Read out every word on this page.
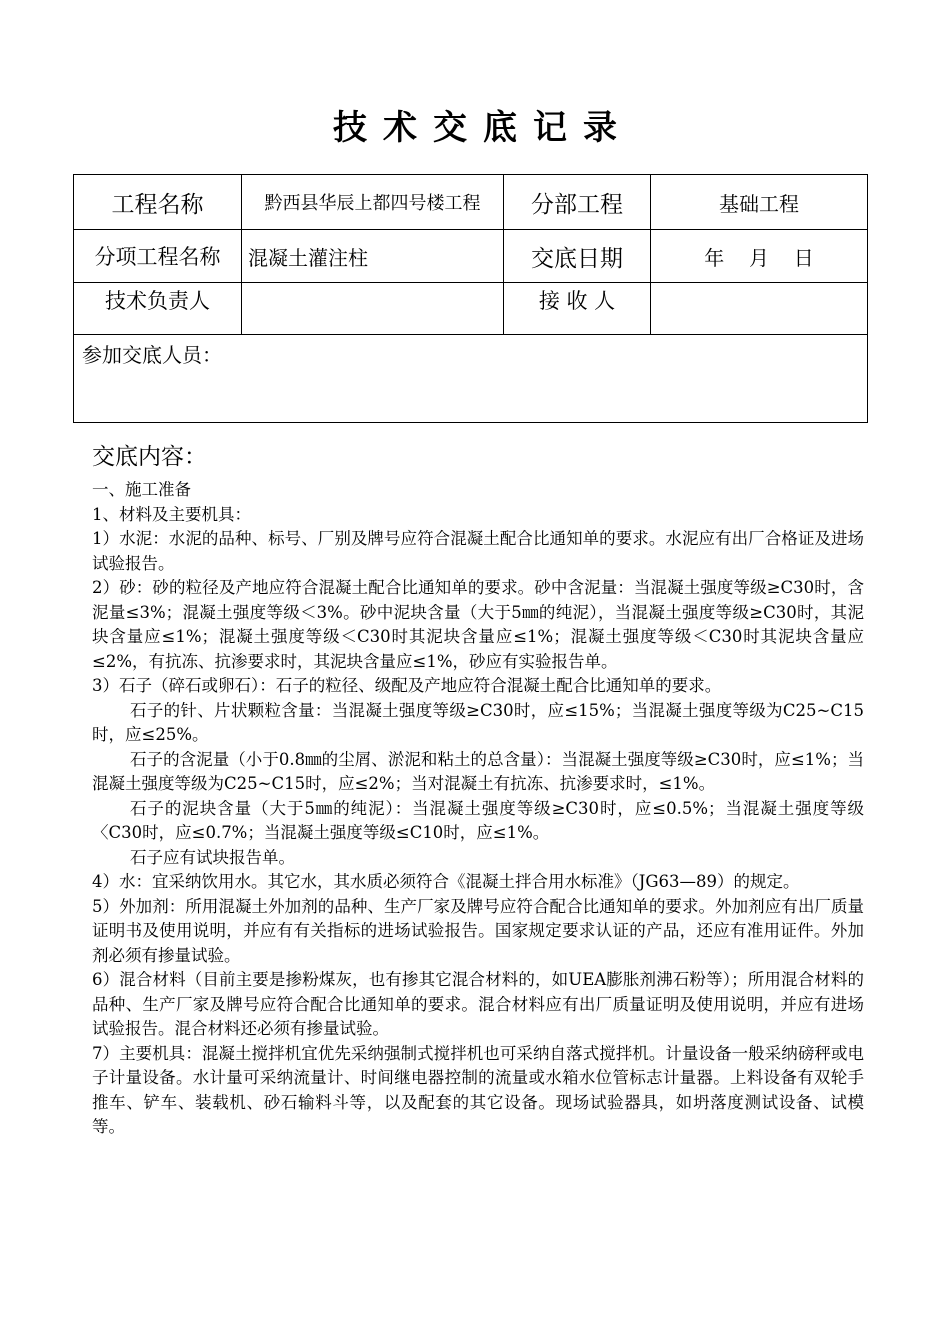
技术交底记录
工程名称	黔西县华辰上都四号楼工程	分部工程	基础工程
分项工程名称	混凝土灌注柱	交底日期	年  月  日
技术负责人		接 收 人	
参加交底人员：			
交底内容：

一、施工准备

1、材料及主要机具：

1）水泥：水泥的品种、标号、厂别及牌号应符合混凝土配合比通知单的要求。水泥应有出厂合格证及进场试验报告。

2）砂：砂的粒径及产地应符合混凝土配合比通知单的要求。砂中含泥量：当混凝土强度等级≥C30时，含泥量≤3%；混凝土强度等级＜3%。砂中泥块含量（大于5㎜的纯泥），当混凝土强度等级≥C30时，其泥块含量应≤1%；混凝土强度等级＜C30时其泥块含量应≤1%；混凝土强度等级＜C30时其泥块含量应≤2%，有抗冻、抗渗要求时，其泥块含量应≤1%，砂应有实验报告单。

3）石子（碎石或卵石）：石子的粒径、级配及产地应符合混凝土配合比通知单的要求。

石子的针、片状颗粒含量：当混凝土强度等级≥C30时，应≤15%；当混凝土强度等级为C25~C15时，应≤25%。

石子的含泥量（小于0.8㎜的尘屑、淤泥和粘土的总含量）：当混凝土强度等级≥C30时，应≤1%；当混凝土强度等级为C25~C15时，应≤2%；当对混凝土有抗冻、抗渗要求时，≤1%。

石子的泥块含量（大于5㎜的纯泥）：当混凝土强度等级≥C30时，应≤0.5%；当混凝土强度等级〈C30时，应≤0.7%；当混凝土强度等级≤C10时，应≤1%。

石子应有试块报告单。

4）水：宜采纳饮用水。其它水，其水质必须符合《混凝土拌合用水标准》（JG63—89）的规定。

5）外加剂：所用混凝土外加剂的品种、生产厂家及牌号应符合配合比通知单的要求。外加剂应有出厂质量证明书及使用说明，并应有有关指标的进场试验报告。国家规定要求认证的产品，还应有准用证件。外加剂必须有掺量试验。

6）混合材料（目前主要是掺粉煤灰，也有掺其它混合材料的，如UEA膨胀剂沸石粉等）；所用混合材料的品种、生产厂家及牌号应符合配合比通知单的要求。混合材料应有出厂质量证明及使用说明，并应有进场试验报告。混合材料还必须有掺量试验。

7）主要机具：混凝土搅拌机宜优先采纳强制式搅拌机也可采纳自落式搅拌机。计量设备一般采纳磅秤或电子计量设备。水计量可采纳流量计、时间继电器控制的流量或水箱水位管标志计量器。上料设备有双轮手推车、铲车、装载机、砂石输料斗等，以及配套的其它设备。现场试验器具，如坍落度测试设备、试模等。
